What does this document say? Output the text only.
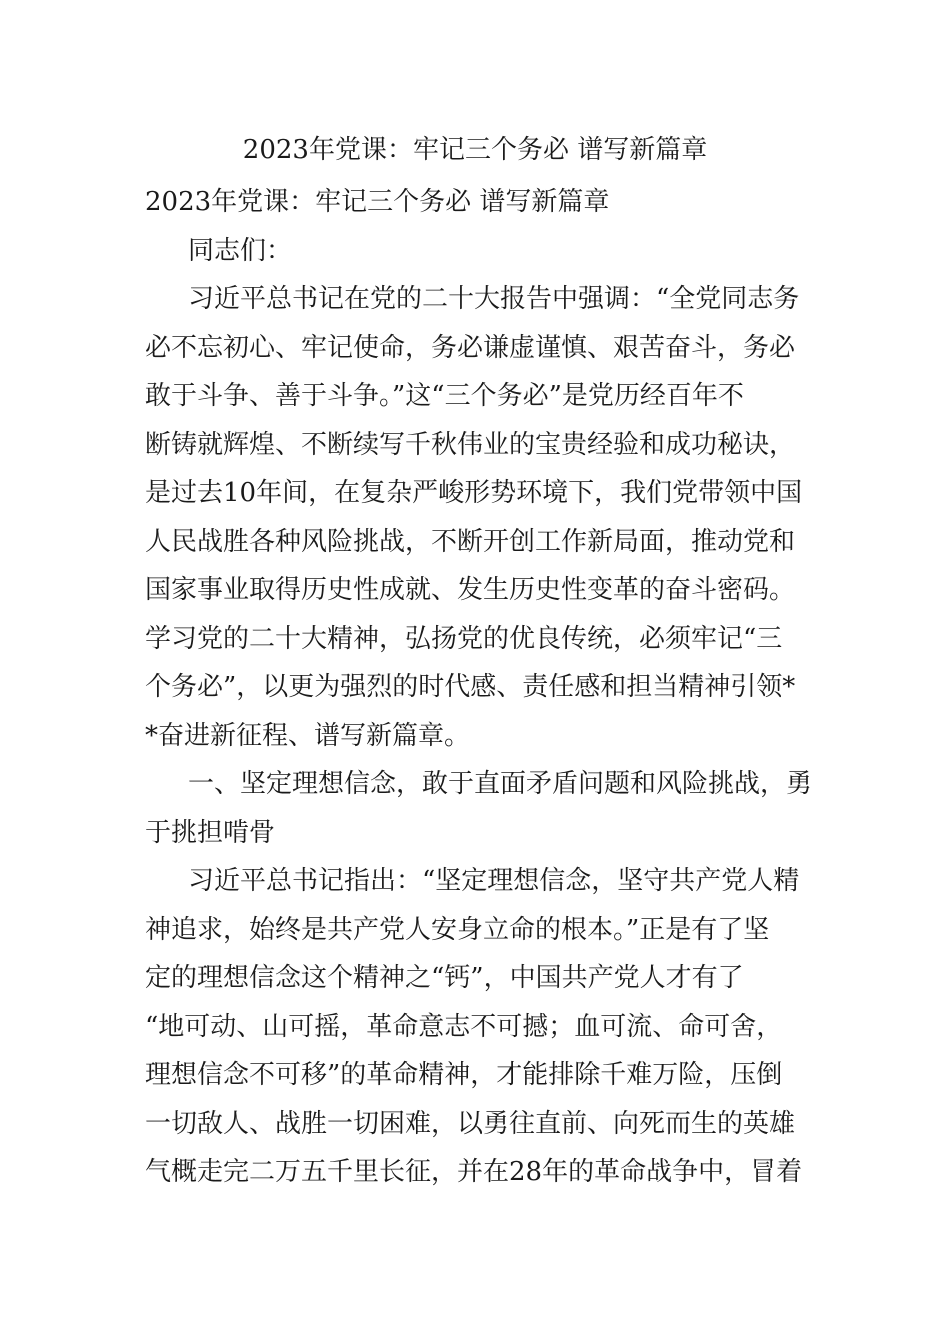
2023年党课：牢记三个务必 谱写新篇章
2023年党课：牢记三个务必 谱写新篇章
同志们：
习近平总书记在党的二十大报告中强调：“全党同志务
必不忘初心、牢记使命，务必谦虚谨慎、艰苦奋斗，务必
敢于斗争、善于斗争。”这“三个务必”是党历经百年不
断铸就辉煌、不断续写千秋伟业的宝贵经验和成功秘诀，
是过去10年间，在复杂严峻形势环境下，我们党带领中国
人民战胜各种风险挑战，不断开创工作新局面，推动党和
国家事业取得历史性成就、发生历史性变革的奋斗密码。
学习党的二十大精神，弘扬党的优良传统，必须牢记“三
个务必”，以更为强烈的时代感、责任感和担当精神引领*
*奋进新征程、谱写新篇章。
一、坚定理想信念，敢于直面矛盾问题和风险挑战，勇
于挑担啃骨
习近平总书记指出：“坚定理想信念，坚守共产党人精
神追求，始终是共产党人安身立命的根本。”正是有了坚
定的理想信念这个精神之“钙”，中国共产党人才有了
“地可动、山可摇，革命意志不可撼；血可流、命可舍，
理想信念不可移”的革命精神，才能排除千难万险，压倒
一切敌人、战胜一切困难，以勇往直前、向死而生的英雄
气概走完二万五千里长征，并在28年的革命战争中，冒着
